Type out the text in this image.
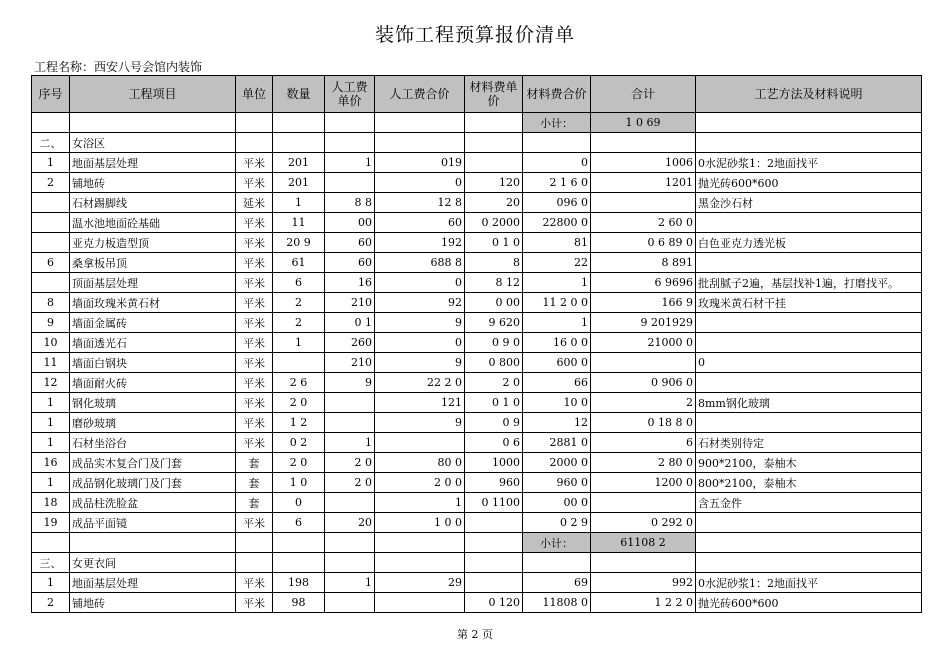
装饰工程预算报价清单
工程名称：西安八号会馆内装饰
序号	工程项目	单位	数量	人工费单价	人工费合价	材料费单价	材料费合价	合计	工艺方法及材料说明
							小计：	1 0 69	
二、	女浴区								
1	地面基层处理	平米	201	1	019		0	1006	0水泥砂浆1：2地面找平
2	铺地砖	平米	201		0	120	2 1 6 0	1201	抛光砖600*600
	石材踢脚线	延米	1	8 8	12 8	20	096 0		黑金沙石材
	温水池地面砼基础	平米	11	00	60	0 2000	22800 0	2 60 0	
	亚克力板造型顶	平米	20 9	60	192	0 1 0	81	0 6 89 0	白色亚克力透光板
6	桑拿板吊顶	平米	61	60	688 8	8	22	8 891	
	顶面基层处理	平米	6	16	0	8 12	1	6 9696	批刮腻子2遍，基层找补1遍，打磨找平。
8	墙面玫瑰米黄石材	平米	2	210	92	0 00	11 2 0 0	166 9	玫瑰米黄石材干挂
9	墙面金属砖	平米	2	0 1	9	9 620	1	9 201929	
10	墙面透光石	平米	1	260	0	0 9 0	16 0 0	21000 0	
11	墙面白钢块	平米		210	9	0 800	600 0		0
12	墙面耐火砖	平米	2 6	9	22 2 0	2 0	66	0 906 0	
1	钢化玻璃	平米	2 0		121	0 1 0	10 0	2	8mm钢化玻璃
1	磨砂玻璃	平米	1 2		9	0 9	12	0 18 8 0	
1	石材坐浴台	平米	0 2	1		0 6	2881 0	6	石材类别待定
16	成品实木复合门及门套	套	2 0	2 0	80 0	1000	2000 0	2 80 0	900*2100，泰柚木
1	成品钢化玻璃门及门套	套	1 0	2 0	2 0 0	960	960 0	1200 0	800*2100，泰柚木
18	成品柱洗脸盆	套	0		1	0 1100	00 0		含五金件
19	成品平面镜	平米	6	20	1 0 0		0 2 9	0 292 0	
							小计：	61108 2	
三、	女更衣间								
1	地面基层处理	平米	198	1	29		69	992	0水泥砂浆1：2地面找平
2	铺地砖	平米	98			0 120	11808 0	1 2 2 0	抛光砖600*600
第 2 页
